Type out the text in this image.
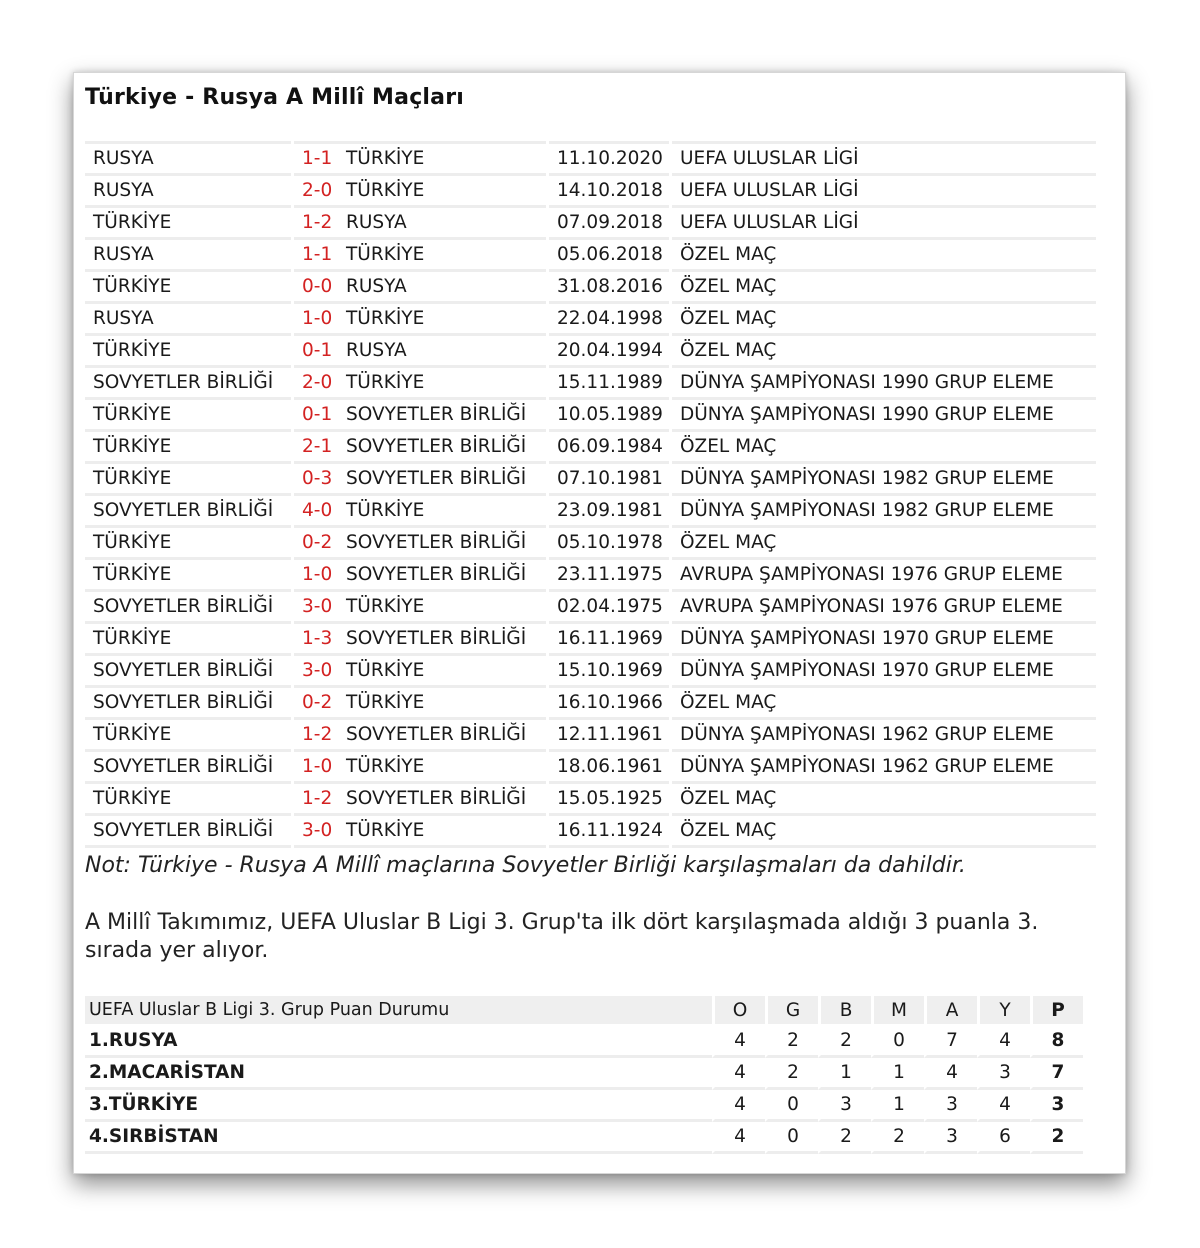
Türkiye - Rusya A Millî Maçları
RUSYA		1-1	TÜRKİYE		11.10.2020		UEFA ULUSLAR LİGİ
RUSYA		2-0	TÜRKİYE		14.10.2018		UEFA ULUSLAR LİGİ
TÜRKİYE		1-2	RUSYA		07.09.2018		UEFA ULUSLAR LİGİ
RUSYA		1-1	TÜRKİYE		05.06.2018		ÖZEL MAÇ
TÜRKİYE		0-0	RUSYA		31.08.2016		ÖZEL MAÇ
RUSYA		1-0	TÜRKİYE		22.04.1998		ÖZEL MAÇ
TÜRKİYE		0-1	RUSYA		20.04.1994		ÖZEL MAÇ
SOVYETLER BİRLİĞİ		2-0	TÜRKİYE		15.11.1989		DÜNYA ŞAMPİYONASI 1990 GRUP ELEME
TÜRKİYE		0-1	SOVYETLER BİRLİĞİ		10.05.1989		DÜNYA ŞAMPİYONASI 1990 GRUP ELEME
TÜRKİYE		2-1	SOVYETLER BİRLİĞİ		06.09.1984		ÖZEL MAÇ
TÜRKİYE		0-3	SOVYETLER BİRLİĞİ		07.10.1981		DÜNYA ŞAMPİYONASI 1982 GRUP ELEME
SOVYETLER BİRLİĞİ		4-0	TÜRKİYE		23.09.1981		DÜNYA ŞAMPİYONASI 1982 GRUP ELEME
TÜRKİYE		0-2	SOVYETLER BİRLİĞİ		05.10.1978		ÖZEL MAÇ
TÜRKİYE		1-0	SOVYETLER BİRLİĞİ		23.11.1975		AVRUPA ŞAMPİYONASI 1976 GRUP ELEME
SOVYETLER BİRLİĞİ		3-0	TÜRKİYE		02.04.1975		AVRUPA ŞAMPİYONASI 1976 GRUP ELEME
TÜRKİYE		1-3	SOVYETLER BİRLİĞİ		16.11.1969		DÜNYA ŞAMPİYONASI 1970 GRUP ELEME
SOVYETLER BİRLİĞİ		3-0	TÜRKİYE		15.10.1969		DÜNYA ŞAMPİYONASI 1970 GRUP ELEME
SOVYETLER BİRLİĞİ		0-2	TÜRKİYE		16.10.1966		ÖZEL MAÇ
TÜRKİYE		1-2	SOVYETLER BİRLİĞİ		12.11.1961		DÜNYA ŞAMPİYONASI 1962 GRUP ELEME
SOVYETLER BİRLİĞİ		1-0	TÜRKİYE		18.06.1961		DÜNYA ŞAMPİYONASI 1962 GRUP ELEME
TÜRKİYE		1-2	SOVYETLER BİRLİĞİ		15.05.1925		ÖZEL MAÇ
SOVYETLER BİRLİĞİ		3-0	TÜRKİYE		16.11.1924		ÖZEL MAÇ
Not: Türkiye - Rusya A Millî maçlarına Sovyetler Birliği karşılaşmaları da dahildir.
A Millî Takımımız, UEFA Uluslar B Ligi 3. Grup'ta ilk dört karşılaşmada aldığı 3 puanla 3. sırada yer alıyor.
UEFA Uluslar B Ligi 3. Grup Puan Durumu	O	G	B	M	A	Y	P
1.RUSYA	4	2	2	0	7	4	8
2.MACARİSTAN	4	2	1	1	4	3	7
3.TÜRKİYE	4	0	3	1	3	4	3
4.SIRBİSTAN	4	0	2	2	3	6	2
